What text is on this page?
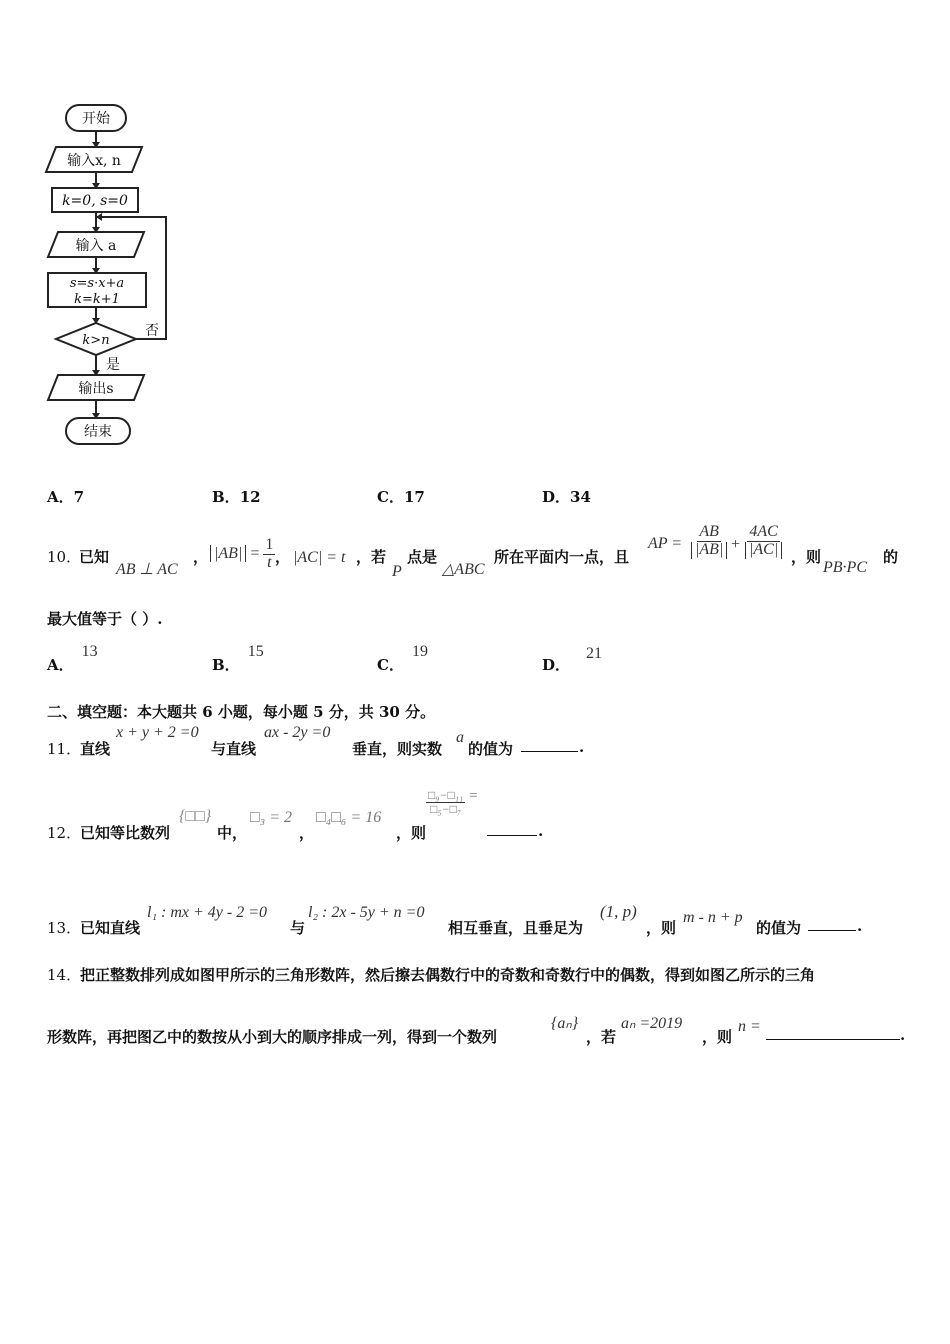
开始
输入x, n
k=0, s=0
输入 a
s=s·x+a
k=k+1
k>n
否
是
输出s
结束
A．7	B．12	C．17	D．34
10．
已知
AB ⊥ AC
， $|AB| = \frac{1}{t}$ ， |AC| = t ，若
P
点是
△ABC
所在平面内一点，且
AP = $\frac{AB}{|AB|} + \frac{4AC}{|AC|}$ ，则
PB·PC
的
最大值等于（ ）.
A．13
B．15
C．19
D．21
二、填空题：本大题共 6 小题，每小题 5 分，共 30 分。
11．
直线
x + y + 2 =0
与直线
ax - 2y =0
垂直，则实数
a
的值为	.
12．
已知等比数列
{□□}
中，
□₃ = 2
，
□₄□₆ = 16
，则
$\frac{\text{□₉−□₁₁}}{\text{□₅−□₇}}$ =
.
13．
已知直线
l₁ : mx + 4y - 2 =0
与
l₂ : 2x - 5y + n =0
相互垂直，且垂足为
(1, p)
，则
m - n + p
的值为	.
14．
把正整数排列成如图甲所示的三角形数阵，然后擦去偶数行中的奇数和奇数行中的偶数，得到如图乙所示的三角
形数阵，再把图乙中的数按从小到大的顺序排成一列，得到一个数列
{aₙ}
，若
aₙ =2019
，则
n =	.
